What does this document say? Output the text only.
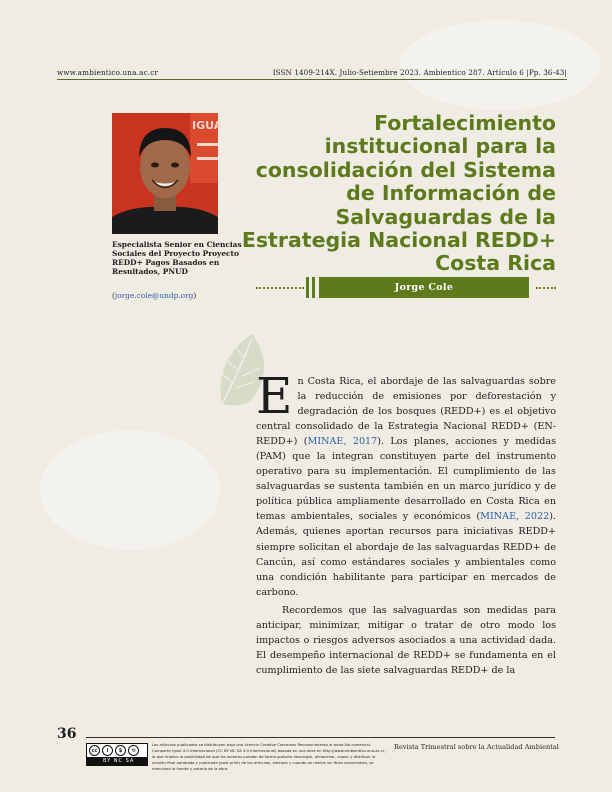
www.ambientico.una.ac.cr	ISSN 1409-214X. Julio-Setiembre 2023. Ambientico 287. Artículo 6 |Pp. 36-43|
IGUA
Especialista Senior en Ciencias Sociales del Proyecto Proyecto REDD+ Pagos Basados en Resultados, PNUD
(jorge.cole@undp.org)
Fortalecimiento institucional para la consolidación del Sistema de Información de Salvaguardas de la Estrategia Nacional REDD+ Costa Rica
Jorge Cole

En Costa Rica, el abordaje de las salvaguardas sobre la reducción de emisiones por deforestación y degradación de los bosques (REDD+) es el objetivo central consolidado de la Estrategia Nacional REDD+ (EN-REDD+) (MINAE, 2017). Los planes, acciones y medidas (PAM) que la integran constituyen parte del instrumento operativo para su implementación. El cumplimiento de las salvaguardas se sustenta también en un marco jurídico y de política pública ampliamente desarrollado en Costa Rica en temas ambientales, sociales y económicos (MINAE, 2022). Además, quienes aportan recursos para iniciativas REDD+ siempre solicitan el abordaje de las salvaguardas REDD+ de Cancún, así como estándares sociales y ambientales como una condición habilitante para participar en mercados de carbono.

Recordemos que las salvaguardas son medidas para anticipar, minimizar, mitigar o tratar de otro modo los impactos o riesgos adversos asociados a una actividad dada. El desempeño internacional de REDD+ se fundamenta en el cumplimiento de las siete salvaguardas REDD+ de la

36
cc	i	$	⟲
BY NC SA
Los artículos publicados se distribuyen bajo una licencia Creative Commons Reconocimiento al autor-No comercial-Compartir igual 4.0 Internacional (CC BY NC SA 4.0 Internacional) basada en una obra en http://www.ambientico.una.ac.cr, lo que implica la posibilidad de que los lectores puedan de forma gratuita descargar, almacenar, copiar y distribuir la versión final aprobada y publicada (post print) de los artículos, siempre y cuando se realice sin fines comerciales, se mencione la fuente y autoría de la obra.
Revista Trimestral sobre la Actualidad Ambiental
